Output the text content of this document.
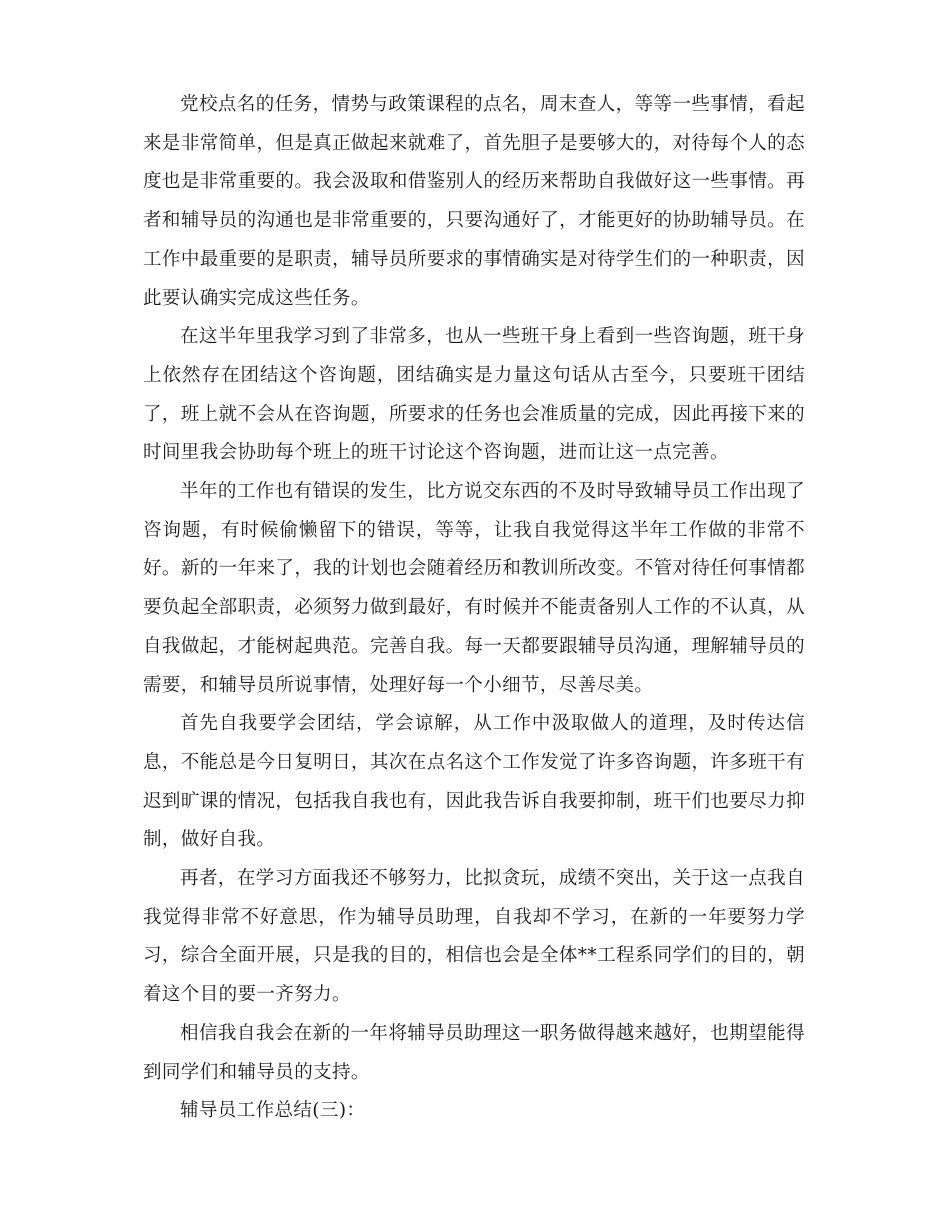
党校点名的任务，情势与政策课程的点名，周末查人，等等一些事情，看起来是非常简单，但是真正做起来就难了，首先胆子是要够大的，对待每个人的态度也是非常重要的。我会汲取和借鉴别人的经历来帮助自我做好这一些事情。再者和辅导员的沟通也是非常重要的，只要沟通好了，才能更好的协助辅导员。在工作中最重要的是职责，辅导员所要求的事情确实是对待学生们的一种职责，因此要认确实完成这些任务。

在这半年里我学习到了非常多，也从一些班干身上看到一些咨询题，班干身上依然存在团结这个咨询题，团结确实是力量这句话从古至今，只要班干团结了，班上就不会从在咨询题，所要求的任务也会准质量的完成，因此再接下来的时间里我会协助每个班上的班干讨论这个咨询题，进而让这一点完善。

半年的工作也有错误的发生，比方说交东西的不及时导致辅导员工作出现了咨询题，有时候偷懒留下的错误，等等，让我自我觉得这半年工作做的非常不好。新的一年来了，我的计划也会随着经历和教训所改变。不管对待任何事情都要负起全部职责，必须努力做到最好，有时候并不能责备别人工作的不认真，从自我做起，才能树起典范。完善自我。每一天都要跟辅导员沟通，理解辅导员的需要，和辅导员所说事情，处理好每一个小细节，尽善尽美。

首先自我要学会团结，学会谅解，从工作中汲取做人的道理，及时传达信息，不能总是今日复明日，其次在点名这个工作发觉了许多咨询题，许多班干有迟到旷课的情况，包括我自我也有，因此我告诉自我要抑制，班干们也要尽力抑制，做好自我。

再者，在学习方面我还不够努力，比拟贪玩，成绩不突出，关于这一点我自我觉得非常不好意思，作为辅导员助理，自我却不学习，在新的一年要努力学习，综合全面开展，只是我的目的，相信也会是全体**工程系同学们的目的，朝着这个目的要一齐努力。

相信我自我会在新的一年将辅导员助理这一职务做得越来越好，也期望能得到同学们和辅导员的支持。

辅导员工作总结(三)：
